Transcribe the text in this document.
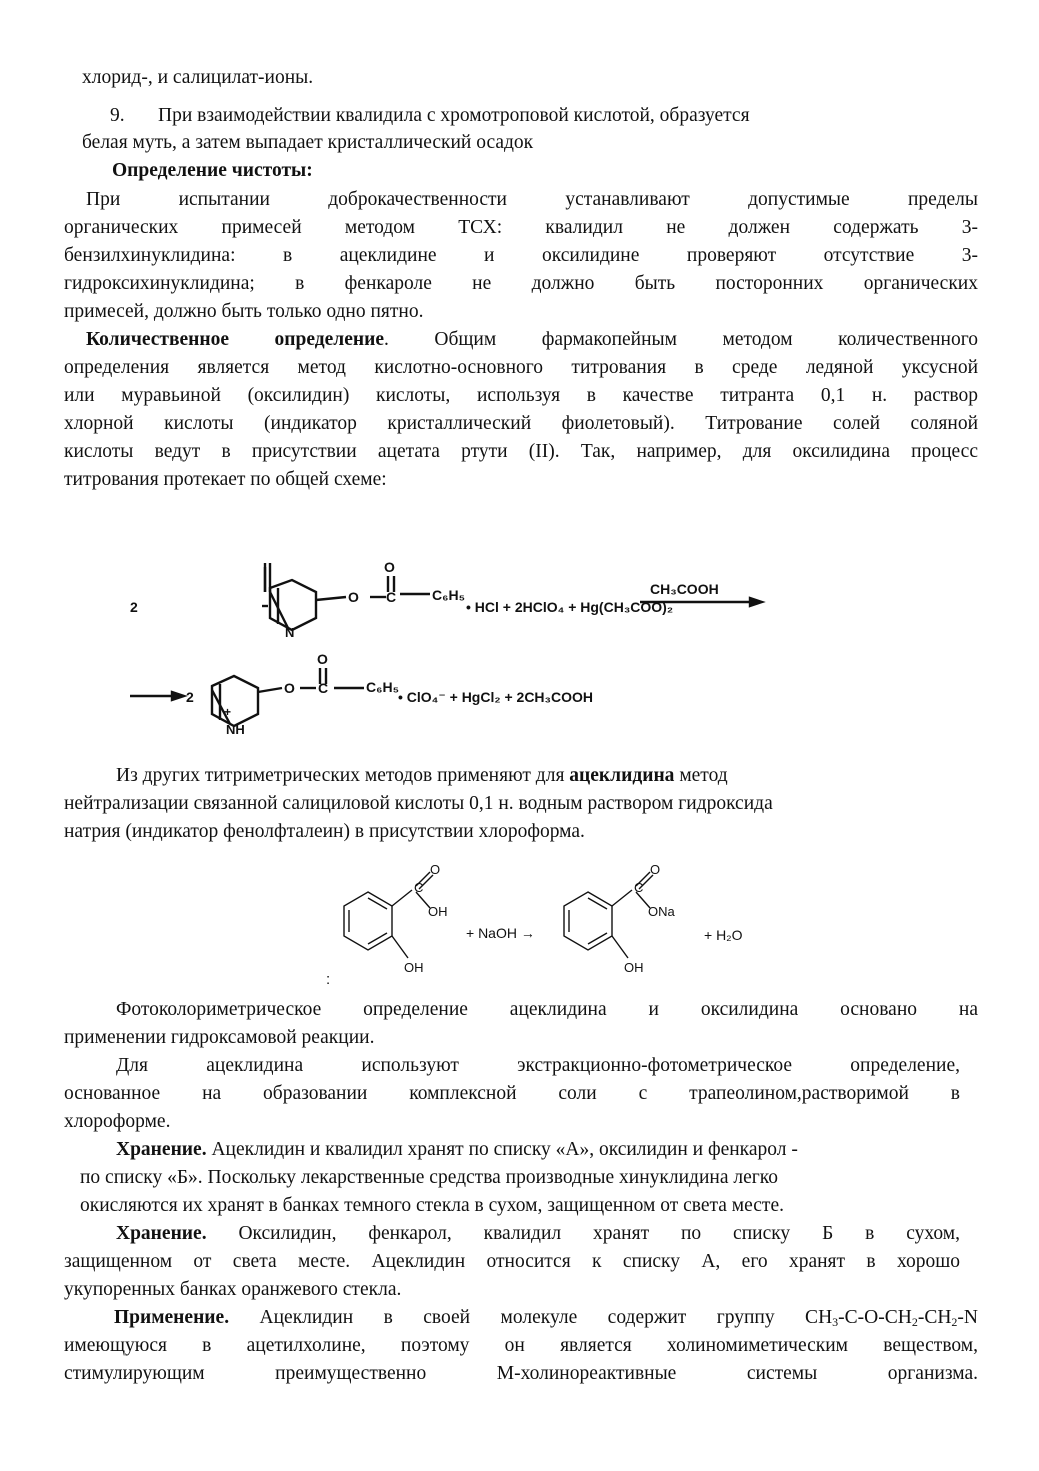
хлорид-, и салицилат-ионы.
9. При взаимодействии квалидила с хромотроповой кислотой, образуется
белая муть, а затем выпадает кристаллический осадок
Определение чистоты:
При испытании доброкачественности устанавливают допустимые пределы
органических примесей методом ТСХ: квалидил не должен содержать 3-
бензилхинуклидина: в ацеклидине и оксилидине проверяют отсутствие 3-
гидроксихинуклидина; в фенкароле не должно быть посторонних органических
примесей, должно быть только одно пятно.
Количественное определение. Общим фармакопейным методом количественного
определения является метод кислотно-основного титрования в среде ледяной уксусной
или муравьиной (оксилидин) кислоты, используя в качестве титранта 0,1 н. раствор
хлорной кислоты (индикатор кристаллический фиолетовый). Титрование солей соляной
кислоты ведут в присутствии ацетата ртути (II). Так, например, для оксилидина процесс
титрования протекает по общей схеме:
2
N
O
O C	C₆H₅
• HCl + 2HClO₄ + Hg(CH₃COO)₂
CH₃COOH
2
+
NH
O
O
C	C₆H₅
• ClO₄⁻ + HgCl₂ + 2CH₃COOH
Из других титриметрических методов применяют для ацеклидина метод
нейтрализации связанной салициловой кислоты 0,1 н. водным раствором гидроксида
натрия (индикатор фенолфталеин) в присутствии хлороформа.
C
O
OH
OH
+ NaOH →
C
O
ONa
OH
+ H₂O
:
Фотоколориметрическое определение ацеклидина и оксилидина основано на
применении гидроксамовой реакции.
Для ацеклидина используют экстракционно-фотометрическое определение,
основанное на образовании комплексной соли с трапеолином,растворимой в
хлороформе.
Хранение. Ацеклидин и квалидил хранят по списку «А», оксилидин и фенкарол -
по списку «Б». Поскольку лекарственные средства производные хинуклидина легко
окисляются их хранят в банках темного стекла в сухом, защищенном от света месте.
Хранение. Оксилидин, фенкарол, квалидил хранят по списку Б в сухом,
защищенном от света месте. Ацеклидин относится к списку А, его хранят в хорошо
укупоренных банках оранжевого стекла.
Применение. Ацеклидин в своей молекуле содержит группу $CH_3-C-O-CH_2-CH_2-N$
имеющуюся в ацетилхолине, поэтому он является холиномиметическим веществом,
стимулирующим преимущественно М-холинореактивные системы организма.
